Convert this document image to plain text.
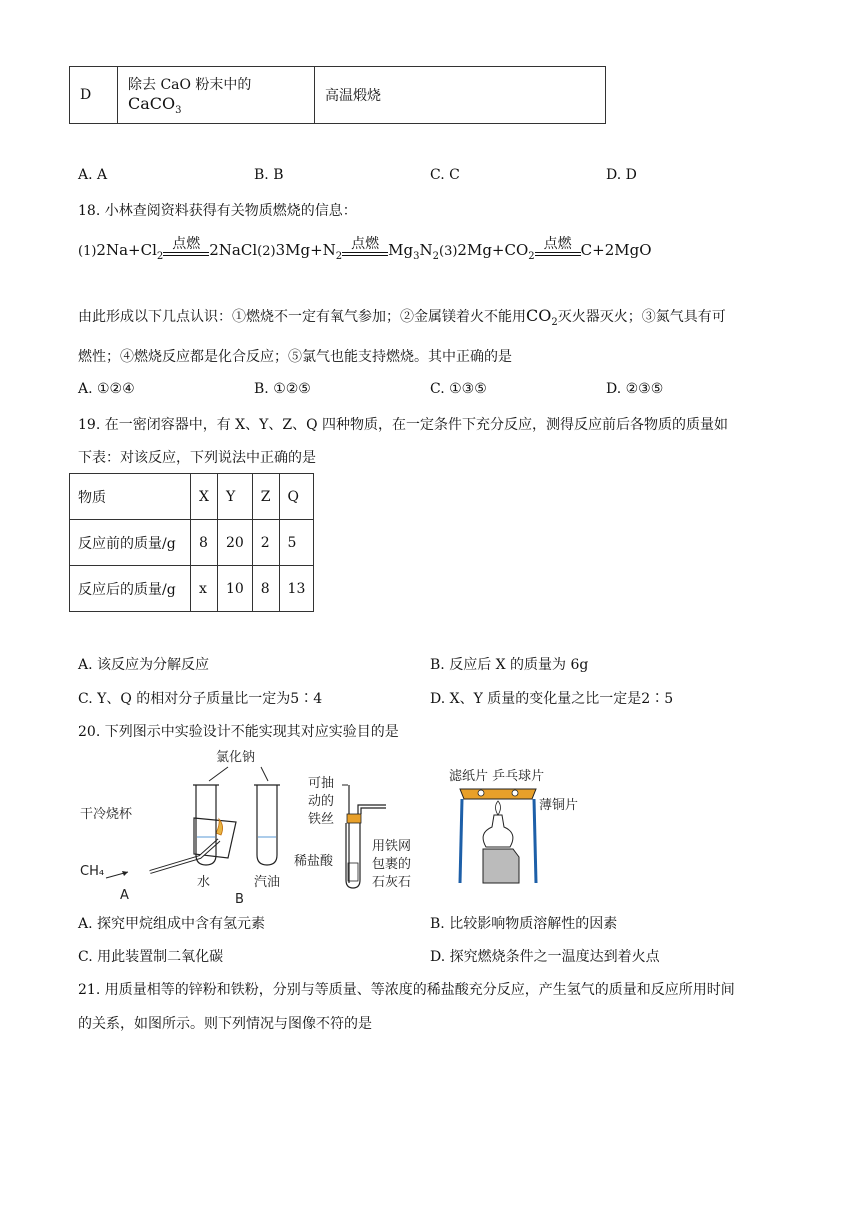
D	除去 CaO 粉末中的CaCO$_3$	高温煅烧
A. A	B. B	C. C	D. D
18. 小林查阅资料获得有关物质燃烧的信息：
$(1)2Na+Cl_2$
点燃 $2NaCl(2)3Mg+N_2$
点燃 $Mg_3N_2(3)2Mg+CO_2$
点燃 C+2MgO
由此形成以下几点认识：①燃烧不一定有氧气参加；②金属镁着火不能用$CO_2$灭火器灭火；③氮气具有可
燃性；④燃烧反应都是化合反应；⑤氯气也能支持燃烧。其中正确的是
A. ①②④	B. ①②⑤	C. ①③⑤	D. ②③⑤
19. 在一密闭容器中，有 X、Y、Z、Q 四种物质，在一定条件下充分反应，测得反应前后各物质的质量如
下表：对该反应，下列说法中正确的是
物质	X	Y	Z	Q
反应前的质量/g	8	20	2	5
反应后的质量/g	x	10	8	13
A. 该反应为分解反应	B. 反应后 X 的质量为 6g
C. Y、Q 的相对分子质量比一定为5∶4	D. X、Y 质量的变化量之比一定是2∶5
20. 下列图示中实验设计不能实现其对应实验目的是
干冷烧杯
CH₄
A
氯化钠
水	汽油
B
可抽
动的
铁丝
稀盐酸
用铁网
包裹的
石灰石
滤纸片 乒乓球片
薄铜片
A. 探究甲烷组成中含有氢元素	B. 比较影响物质溶解性的因素
C. 用此装置制二氧化碳	D. 探究燃烧条件之一温度达到着火点
21. 用质量相等的锌粉和铁粉，分别与等质量、等浓度的稀盐酸充分反应，产生氢气的质量和反应所用时间
的关系，如图所示。则下列情况与图像不符的是
